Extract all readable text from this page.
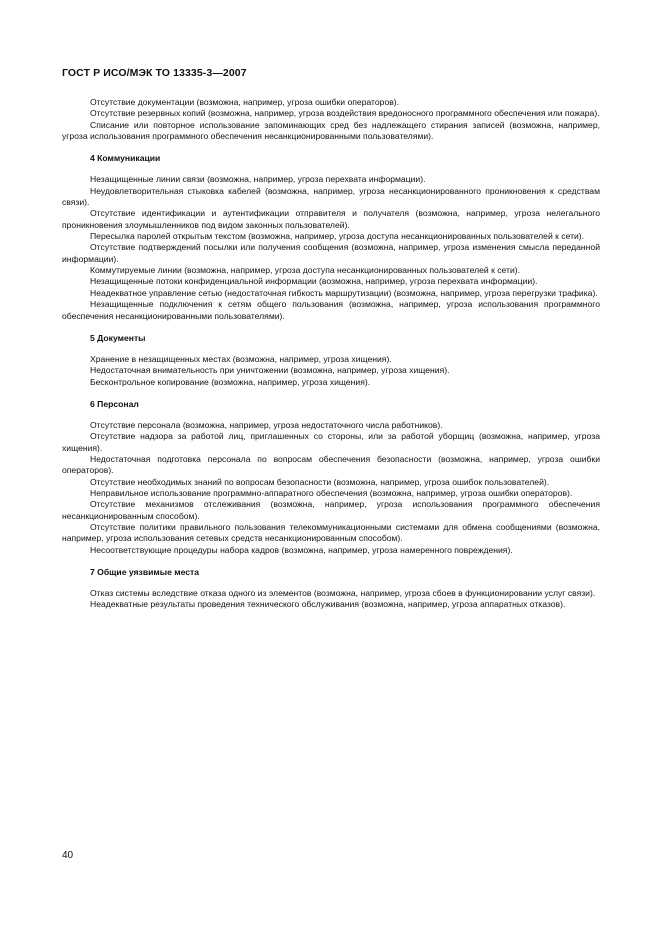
ГОСТ Р ИСО/МЭК ТО 13335-3—2007

Отсутствие документации (возможна, например, угроза ошибки операторов).

Отсутствие резервных копий (возможна, например, угроза воздействия вредоносного программного обеспечения или пожара).

Списание или повторное использование запоминающих сред без надлежащего стирания записей (возможна, например, угроза использования программного обеспечения несанкционированными пользователями).

4 Коммуникации

Незащищенные линии связи (возможна, например, угроза перехвата информации).

Неудовлетворительная стыковка кабелей (возможна, например, угроза несанкционированного проникновения к средствам связи).

Отсутствие идентификации и аутентификации отправителя и получателя (возможна, например, угроза нелегального проникновения злоумышленников под видом законных пользователей).

Пересылка паролей открытым текстом (возможна, например, угроза доступа несанкционированных пользователей к сети).

Отсутствие подтверждений посылки или получения сообщения (возможна, например, угроза изменения смысла переданной информации).

Коммутируемые линии (возможна, например, угроза доступа несанкционированных пользователей к сети).

Незащищенные потоки конфиденциальной информации (возможна, например, угроза перехвата информации).

Неадекватное управление сетью (недостаточная гибкость маршрутизации) (возможна, например, угроза перегрузки трафика).

Незащищенные подключения к сетям общего пользования (возможна, например, угроза использования программного обеспечения несанкционированными пользователями).

5 Документы

Хранение в незащищенных местах (возможна, например, угроза хищения).

Недостаточная внимательность при уничтожении (возможна, например, угроза хищения).

Бесконтрольное копирование (возможна, например, угроза хищения).

6 Персонал

Отсутствие персонала (возможна, например, угроза недостаточного числа работников).

Отсутствие надзора за работой лиц, приглашенных со стороны, или за работой уборщиц (возможна, например, угроза хищения).

Недостаточная подготовка персонала по вопросам обеспечения безопасности (возможна, например, угроза ошибки операторов).

Отсутствие необходимых знаний по вопросам безопасности (возможна, например, угроза ошибок пользователей).

Неправильное использование программно-аппаратного обеспечения (возможна, например, угроза ошибки операторов).

Отсутствие механизмов отслеживания (возможна, например, угроза использования программного обеспечения несанкционированным способом).

Отсутствие политики правильного пользования телекоммуникационными системами для обмена сообщениями (возможна, например, угроза использования сетевых средств несанкционированным способом).

Несоответствующие процедуры набора кадров (возможна, например, угроза намеренного повреждения).

7 Общие уязвимые места

Отказ системы вследствие отказа одного из элементов (возможна, например, угроза сбоев в функционировании услуг связи).

Неадекватные результаты проведения технического обслуживания (возможна, например, угроза аппаратных отказов).

40
